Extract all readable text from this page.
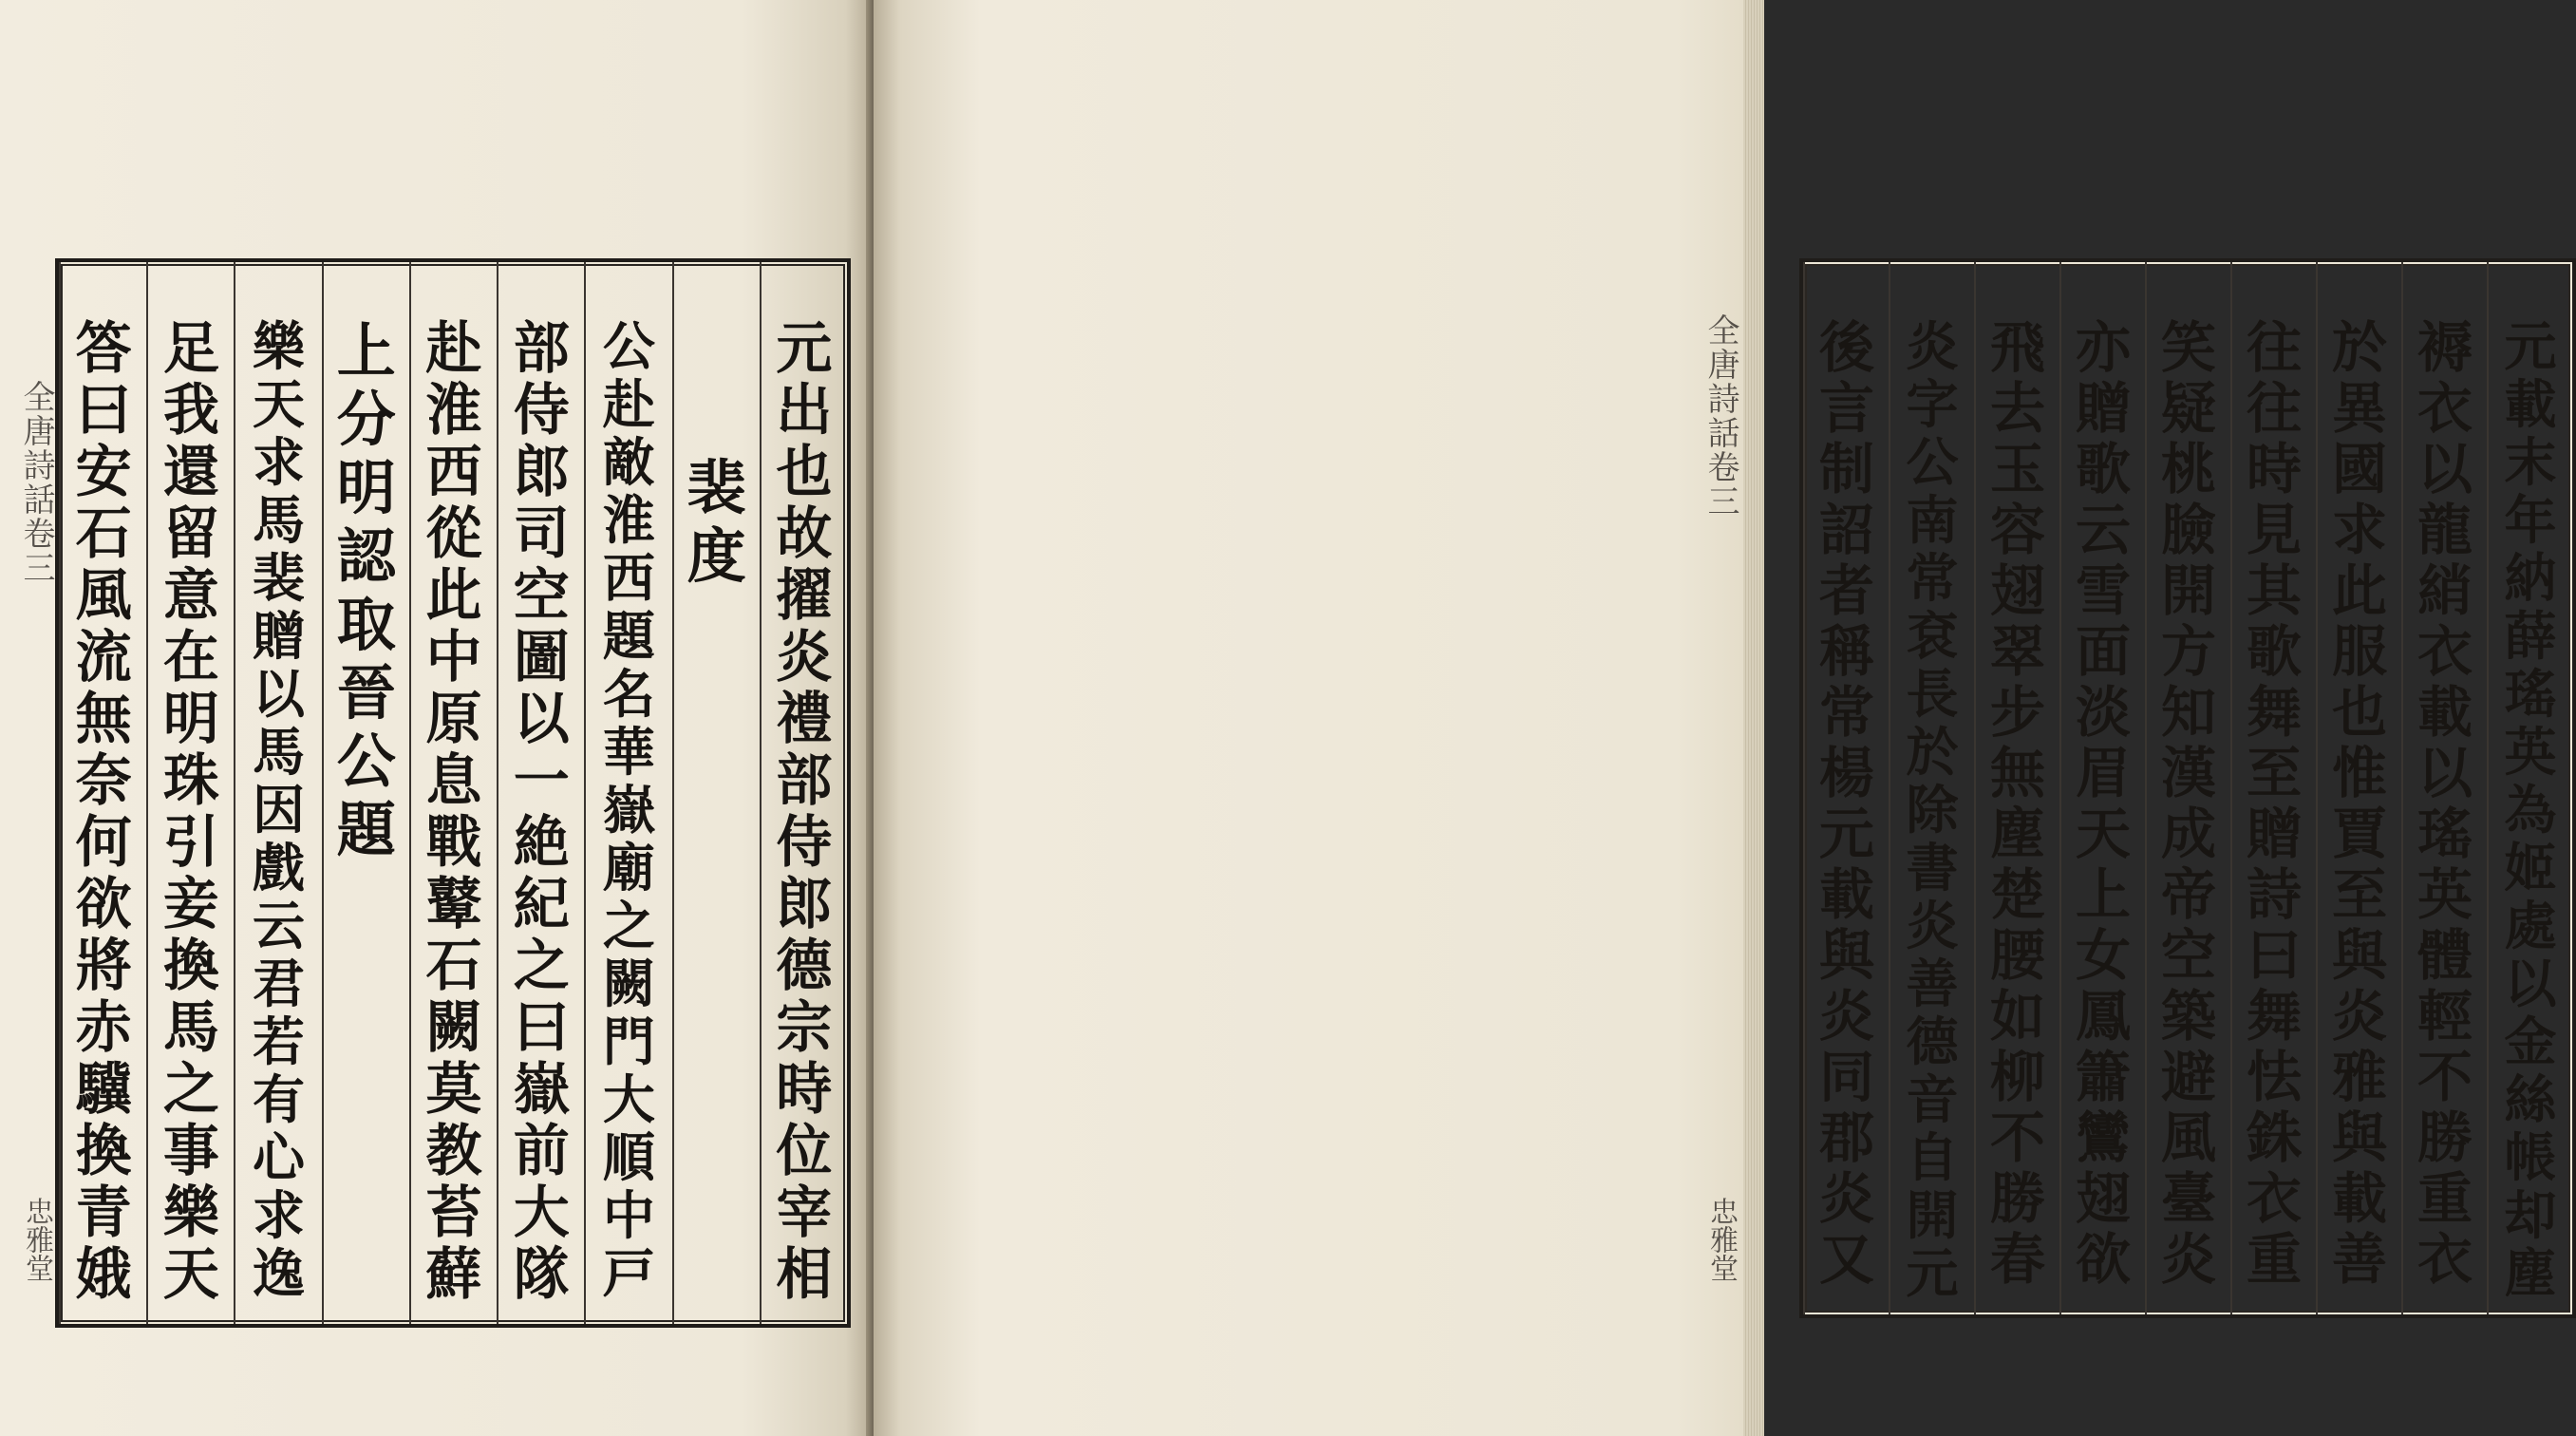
元
出
也
故
擢
炎
禮
部
侍
郎
德
宗
時
位
宰
相
裴
度
公
赴
敵
淮
西
題
名
華
嶽
廟
之
闕
門
大
順
中
戸
部
侍
郎
司
空
圖
以
一
絶
紀
之
曰
嶽
前
大
隊
赴
淮
西
從
此
中
原
息
戰
鼙
石
闕
莫
教
苔
蘚
上
分
明
認
取
晉
公
題
樂
天
求
馬
裴
贈
以
馬
因
戲
云
君
若
有
心
求
逸
足
我
還
留
意
在
明
珠
引
妾
換
馬
之
事
樂
天
答
曰
安
石
風
流
無
奈
何
欲
將
赤
驥
換
青
娥
全唐詩話卷三
忠雅堂
元
載
末
年
納
薛
瑤
英
為
姬
處
以
金
絲
帳
却
塵
褥
衣
以
龍
綃
衣
載
以
瑤
英
體
輕
不
勝
重
衣
於
異
國
求
此
服
也
惟
賈
至
與
炎
雅
與
載
善
往
往
時
見
其
歌
舞
至
贈
詩
曰
舞
怯
銖
衣
重
笑
疑
桃
臉
開
方
知
漢
成
帝
空
築
避
風
臺
炎
亦
贈
歌
云
雪
面
淡
眉
天
上
女
鳳
簫
鸞
翅
欲
飛
去
玉
容
翅
翠
步
無
塵
楚
腰
如
柳
不
勝
春
炎
字
公
南
常
袞
長
於
除
書
炎
善
德
音
自
開
元
後
言
制
詔
者
稱
常
楊
元
載
與
炎
同
郡
炎
又
全唐詩話卷三
忠雅堂
